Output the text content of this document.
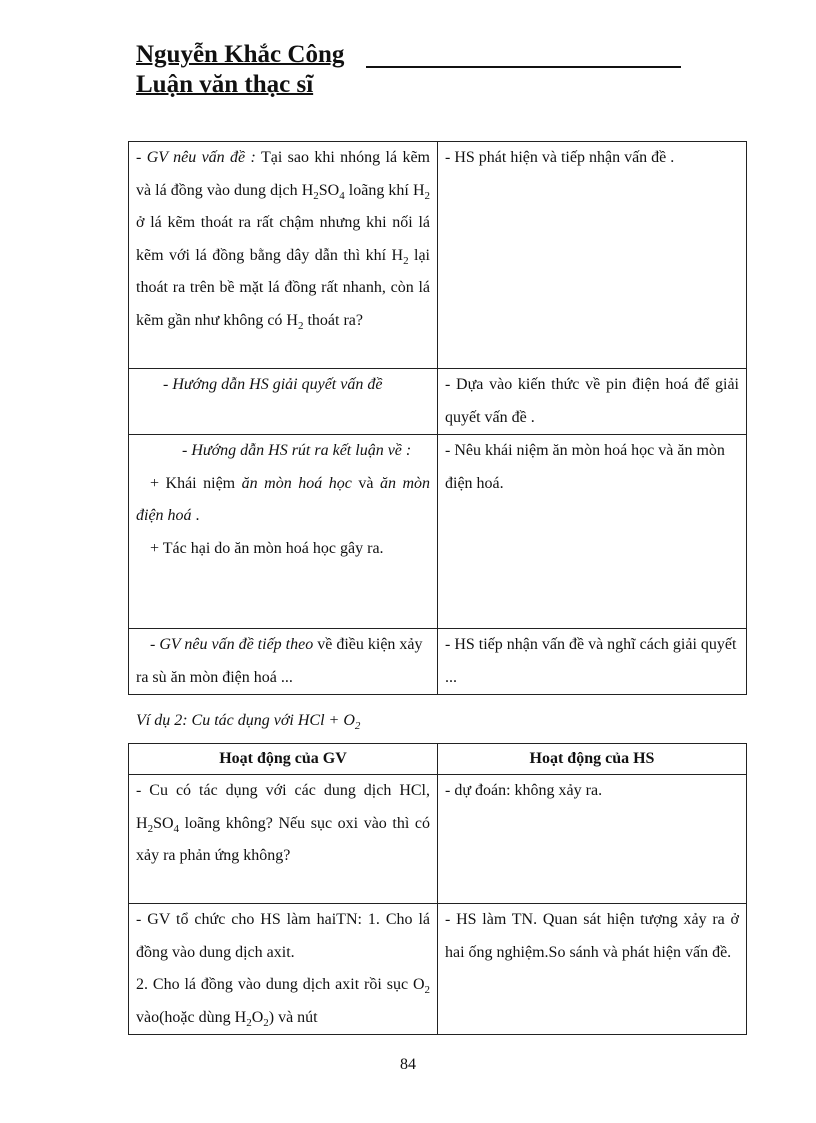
Nguyễn Khắc Công
Luận văn thạc sĩ
- GV nêu vấn đề : Tại sao khi nhóng lá kẽm và lá đồng vào dung dịch $H_2SO_4$ loãng khí $H_2$ ở lá kẽm thoát ra rất chậm nhưng khi nối lá kẽm với lá đồng bằng dây dẫn thì khí $H_2$ lại thoát ra trên bề mặt lá đồng rất nhanh, còn lá kẽm gần như không có $H_2$ thoát ra?	- HS phát hiện và tiếp nhận vấn đề .
- Hướng dẫn HS giải quyết vấn đề	- Dựa vào kiến thức về pin điện hoá để giải quyết vấn đề .

- Hướng dẫn HS rút ra kết luận về :
+ Khái niệm ăn mòn hoá học và ăn mòn điện hoá .
+ Tác hại do ăn mòn hoá học gây ra.	- Nêu khái niệm ăn mòn hoá học và ăn mòn điện hoá.
- GV nêu vấn đề tiếp theo về điều kiện xảy ra sù ăn mòn điện hoá ...	- HS tiếp nhận vấn đề và nghĩ cách giải quyết ...
Ví dụ 2: Cu tác dụng với HCl + $O_2$
Hoạt động của GV	Hoạt động của HS
- Cu có tác dụng với các dung dịch HCl, $H_2SO_4$ loãng không? Nếu sục oxi vào thì có xảy ra phản ứng không?	- dự đoán: không xảy ra.

- GV tổ chức cho HS làm haiTN: 1. Cho lá đồng vào dung dịch axit.
2. Cho lá đồng vào dung dịch axit rồi sục $O_2$ vào(hoặc dùng $H_2O_2$) và nút	- HS làm TN. Quan sát hiện tượng xảy ra ở hai ống nghiệm.So sánh và phát hiện vấn đề.
84
